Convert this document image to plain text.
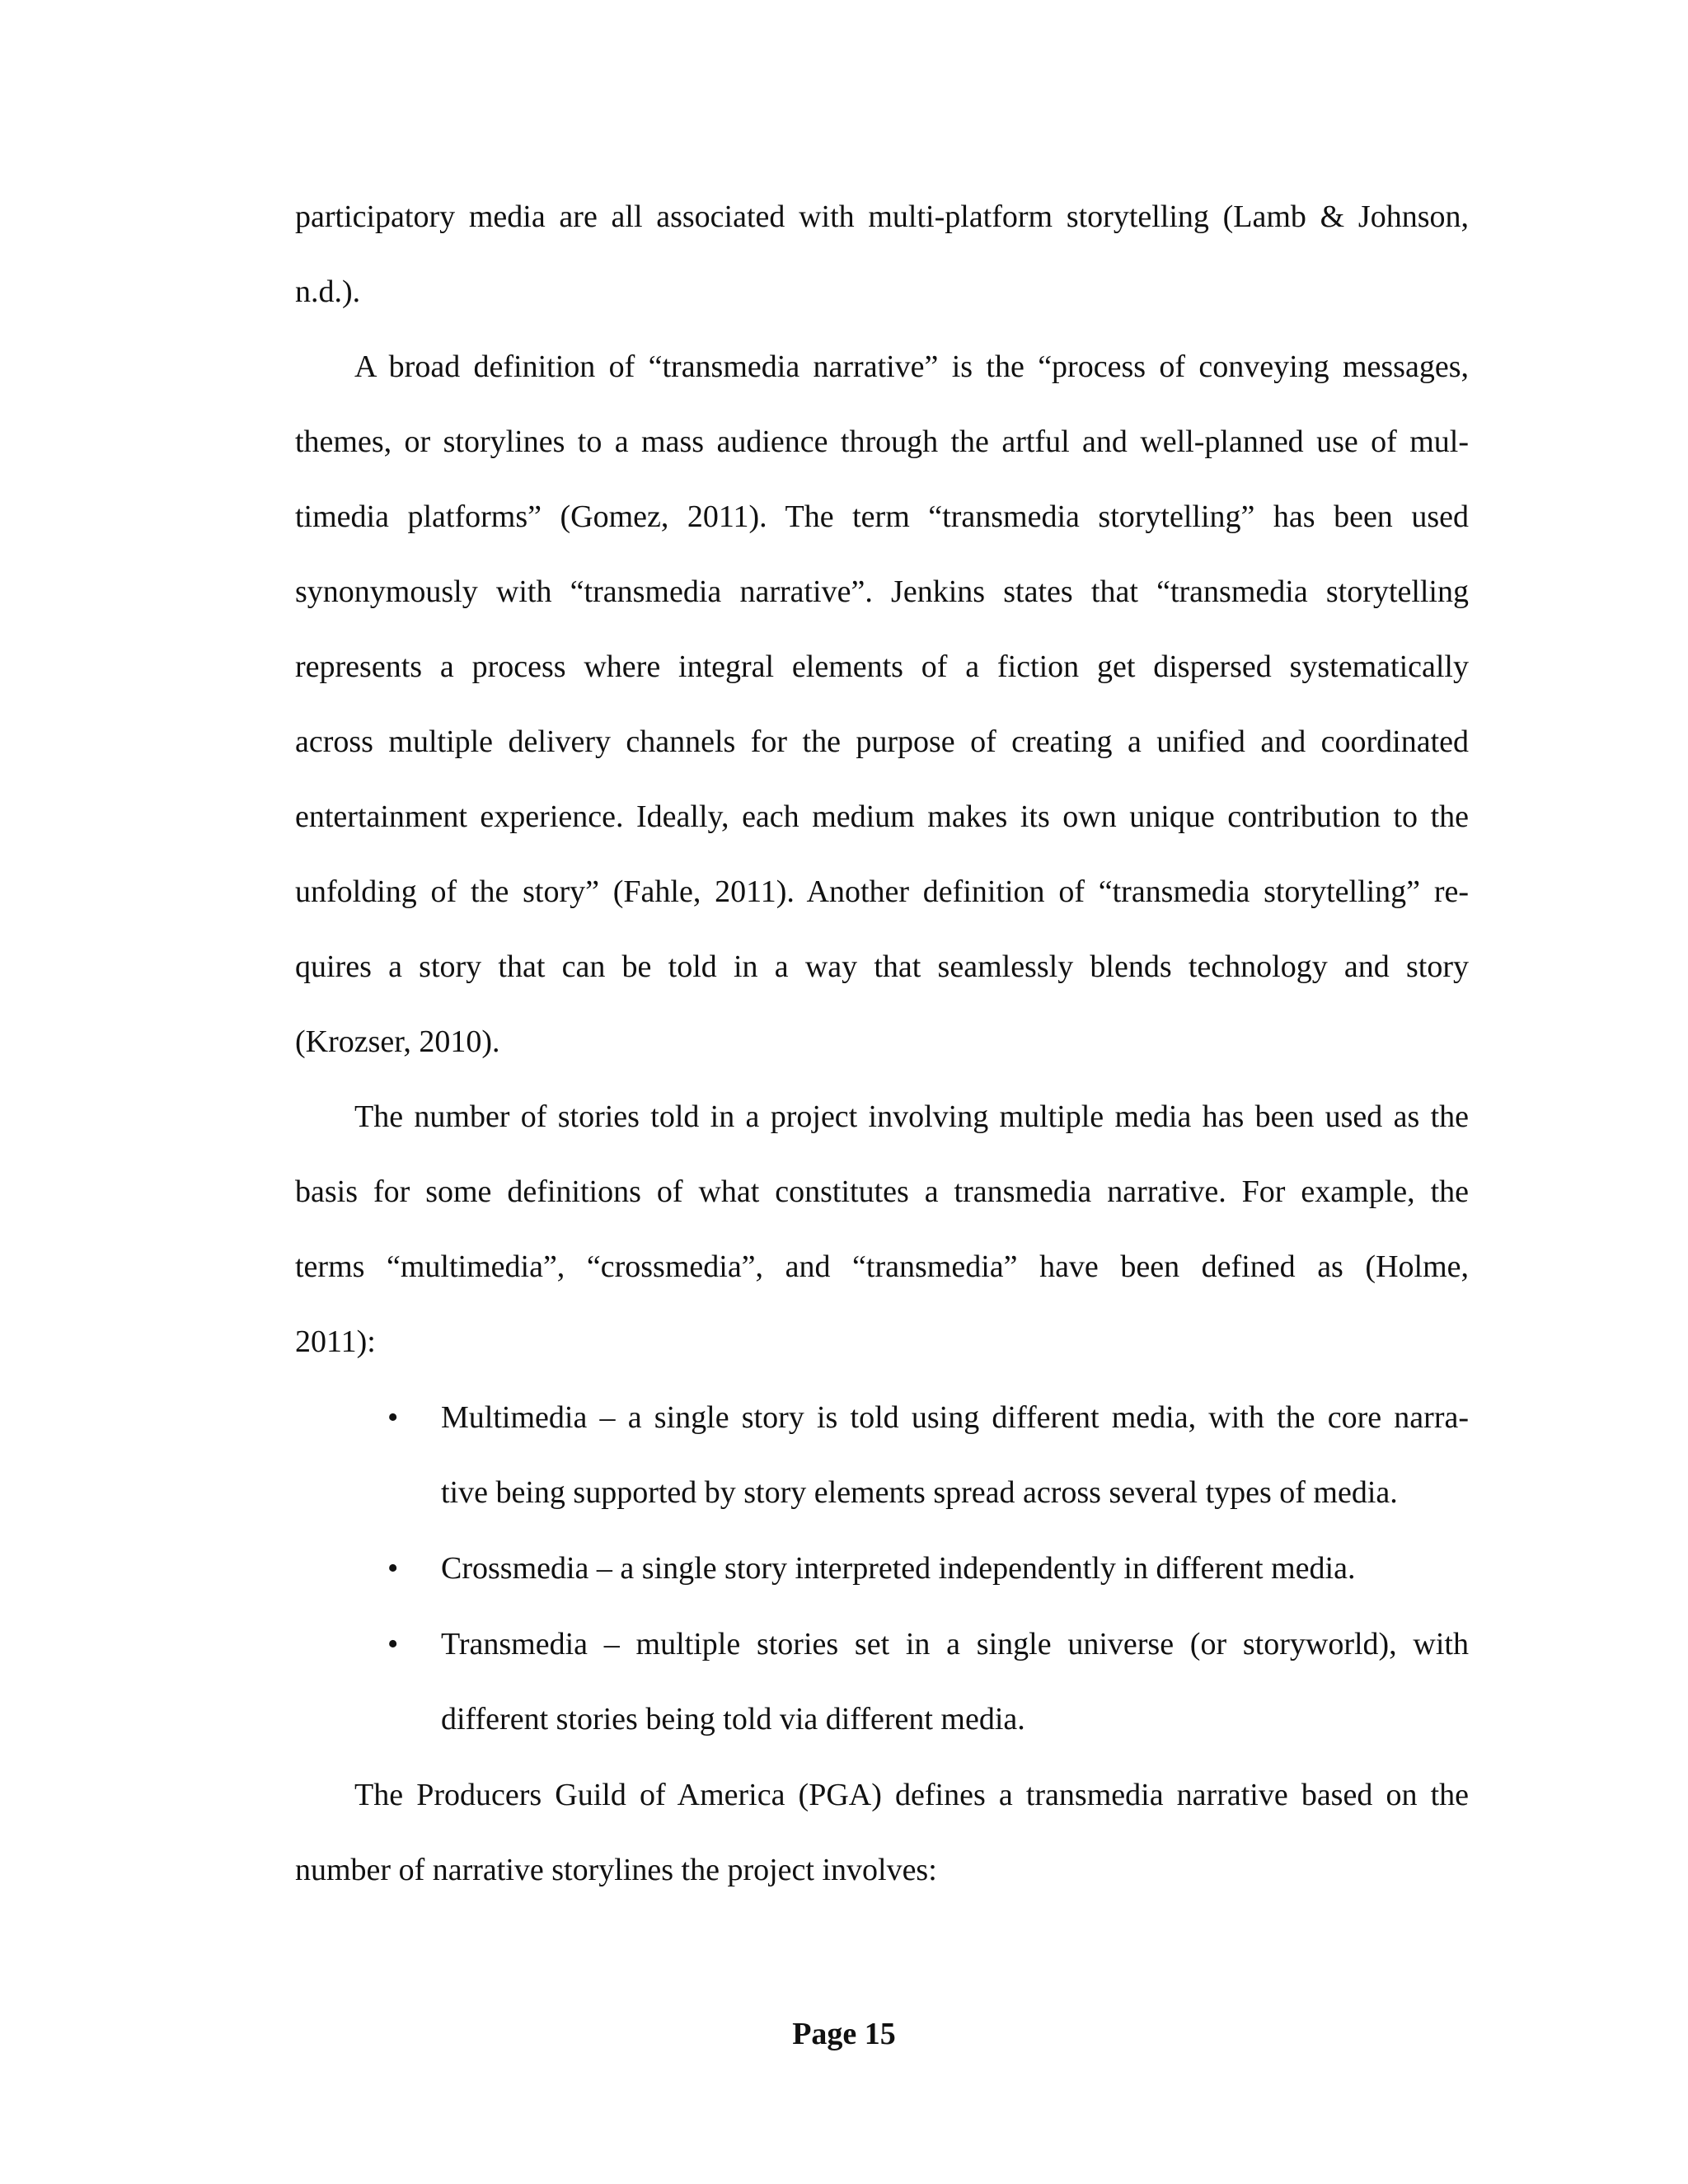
participatory media are all associated with multi-platform storytelling (Lamb & Johnson,
n.d.).
A broad definition of “transmedia narrative” is the “process of conveying messages,
themes, or storylines to a mass audience through the artful and well-planned use of mul-
timedia platforms” (Gomez, 2011). The term “transmedia storytelling” has been used
synonymously with “transmedia narrative”. Jenkins states that “transmedia storytelling
represents a process where integral elements of a fiction get dispersed systematically
across multiple delivery channels for the purpose of creating a unified and coordinated
entertainment experience. Ideally, each medium makes its own unique contribution to the
unfolding of the story” (Fahle, 2011). Another definition of “transmedia storytelling” re-
quires a story that can be told in a way that seamlessly blends technology and story
(Krozser, 2010).
The number of stories told in a project involving multiple media has been used as the
basis for some definitions of what constitutes a transmedia narrative. For example, the
terms “multimedia”, “crossmedia”, and “transmedia” have been defined as (Holme,
2011):
• Multimedia – a single story is told using different media, with the core narra-
tive being supported by story elements spread across several types of media.
• Crossmedia – a single story interpreted independently in different media.
• Transmedia – multiple stories set in a single universe (or storyworld), with
different stories being told via different media.
The Producers Guild of America (PGA) defines a transmedia narrative based on the
number of narrative storylines the project involves:
Page 15
